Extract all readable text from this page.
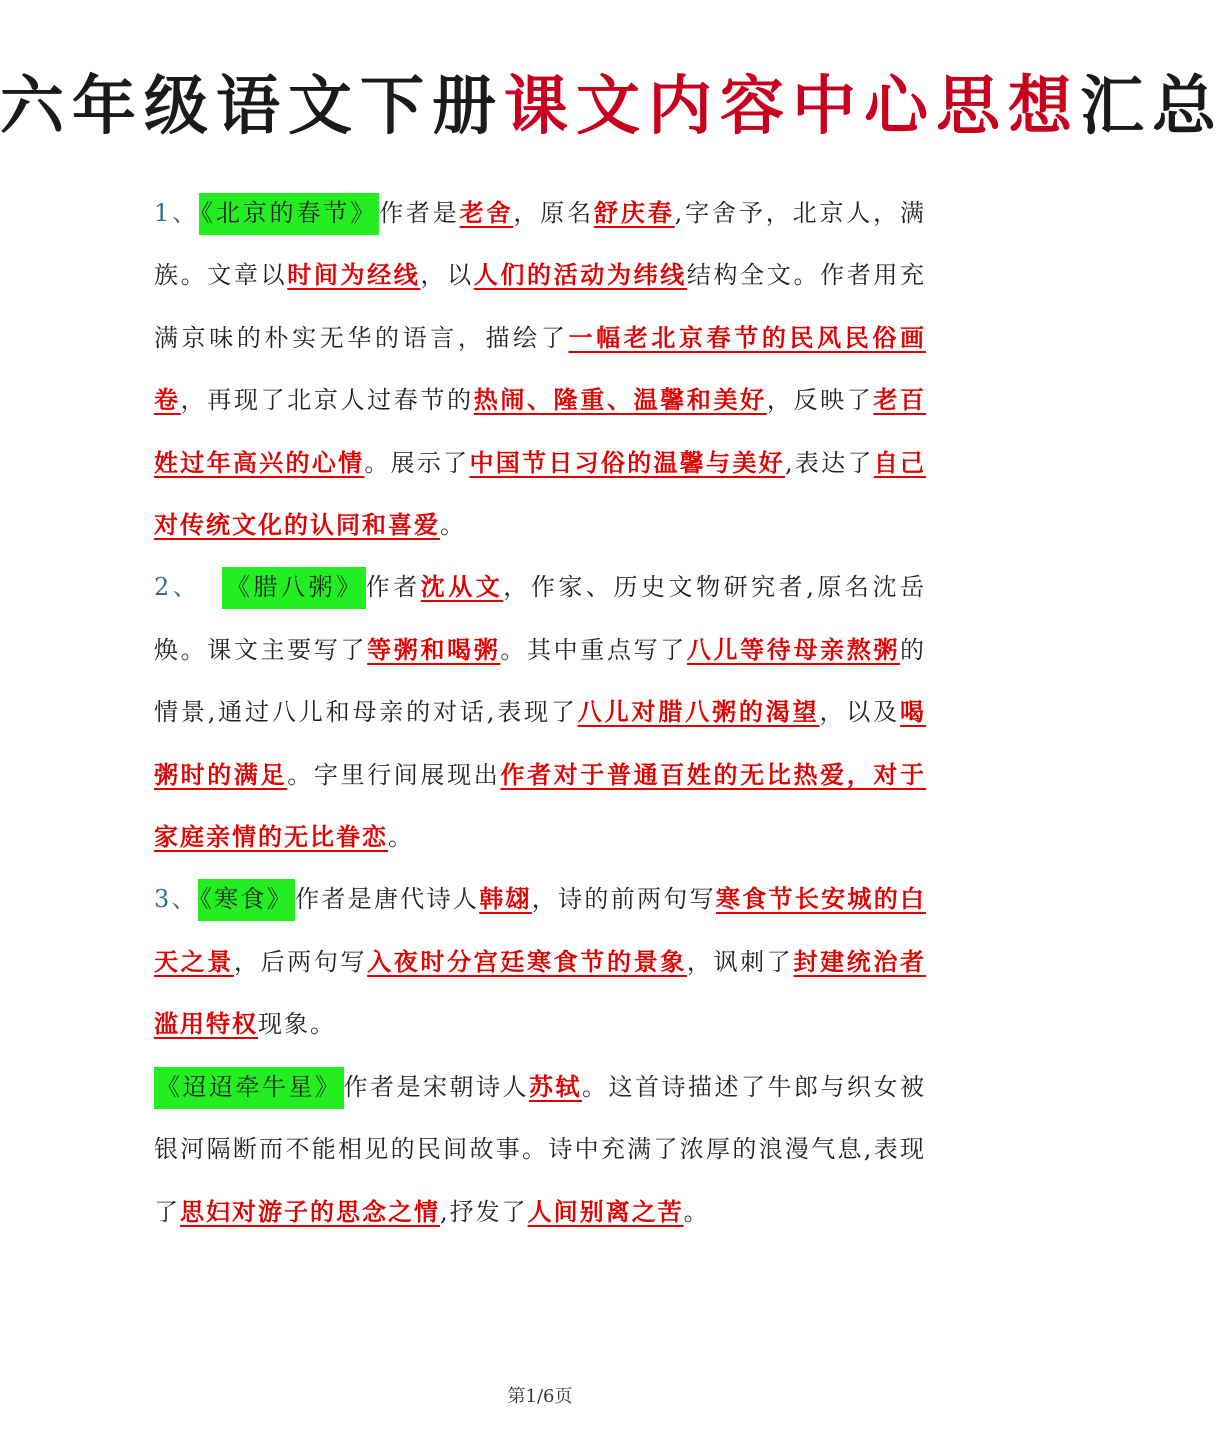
六年级语文下册课文内容中心思想汇总

1、《北京的春节》作者是老舍，原名舒庆春,字舍予，北京人，满族。文章以时间为经线，以人们的活动为纬线结构全文。作者用充满京味的朴实无华的语言，描绘了一幅老北京春节的民风民俗画卷，再现了北京人过春节的热闹、隆重、温馨和美好，反映了老百姓过年高兴的心情。展示了中国节日习俗的温馨与美好,表达了自己对传统文化的认同和喜爱。

2、 《腊八粥》作者沈从文，作家、历史文物研究者,原名沈岳焕。课文主要写了等粥和喝粥。其中重点写了八儿等待母亲熬粥的情景,通过八儿和母亲的对话,表现了八儿对腊八粥的渴望，以及喝粥时的满足。字里行间展现出作者对于普通百姓的无比热爱，对于家庭亲情的无比眷恋。

3、《寒食》作者是唐代诗人韩翃，诗的前两句写寒食节长安城的白天之景，后两句写入夜时分宫廷寒食节的景象，讽刺了封建统治者滥用特权现象。

《迢迢牵牛星》作者是宋朝诗人苏轼。这首诗描述了牛郎与织女被银河隔断而不能相见的民间故事。诗中充满了浓厚的浪漫气息,表现了思妇对游子的思念之情,抒发了人间别离之苦。

第1/6页
